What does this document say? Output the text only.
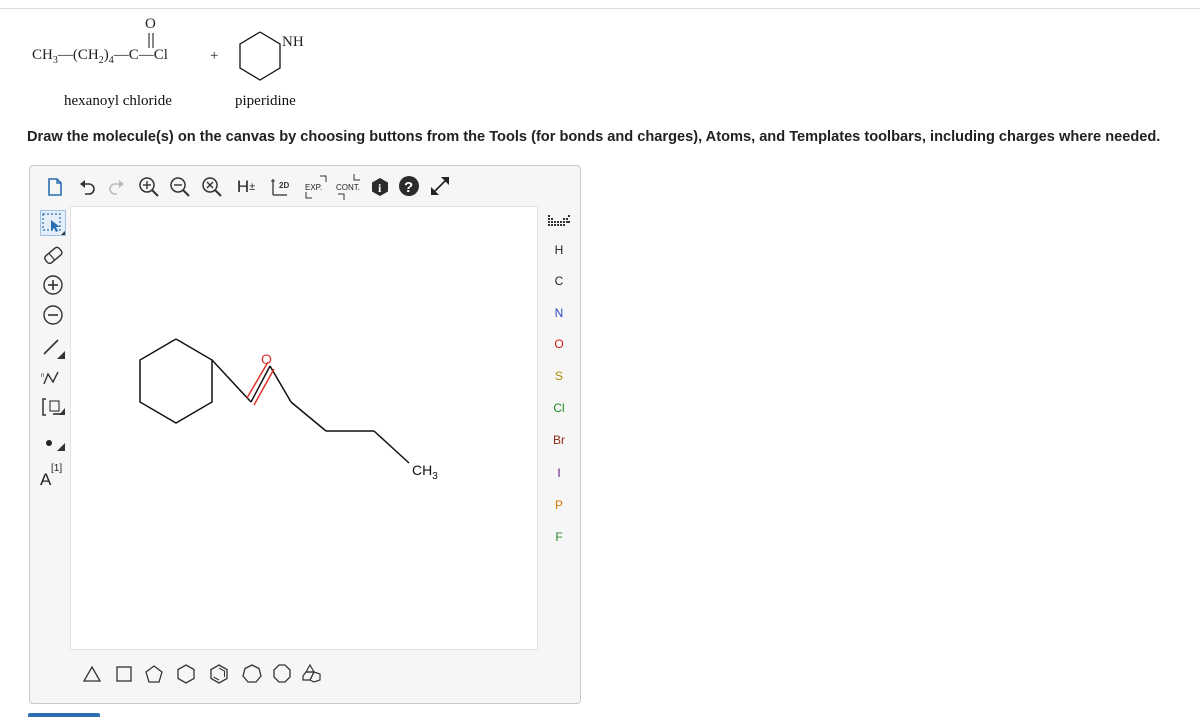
O
$CH_3—(CH_2)_4—C—Cl$	+
NH
hexanoyl chloride	piperidine
Draw the molecule(s) on the canvas by choosing buttons from the Tools (for bonds and charges), Atoms, and Templates toolbars, including charges where needed.
H ±	2D EXP. CONT. i ?
n
A
[1]
O
$CH_3$
H
C
N
O
S
Cl
Br
I
P
F
